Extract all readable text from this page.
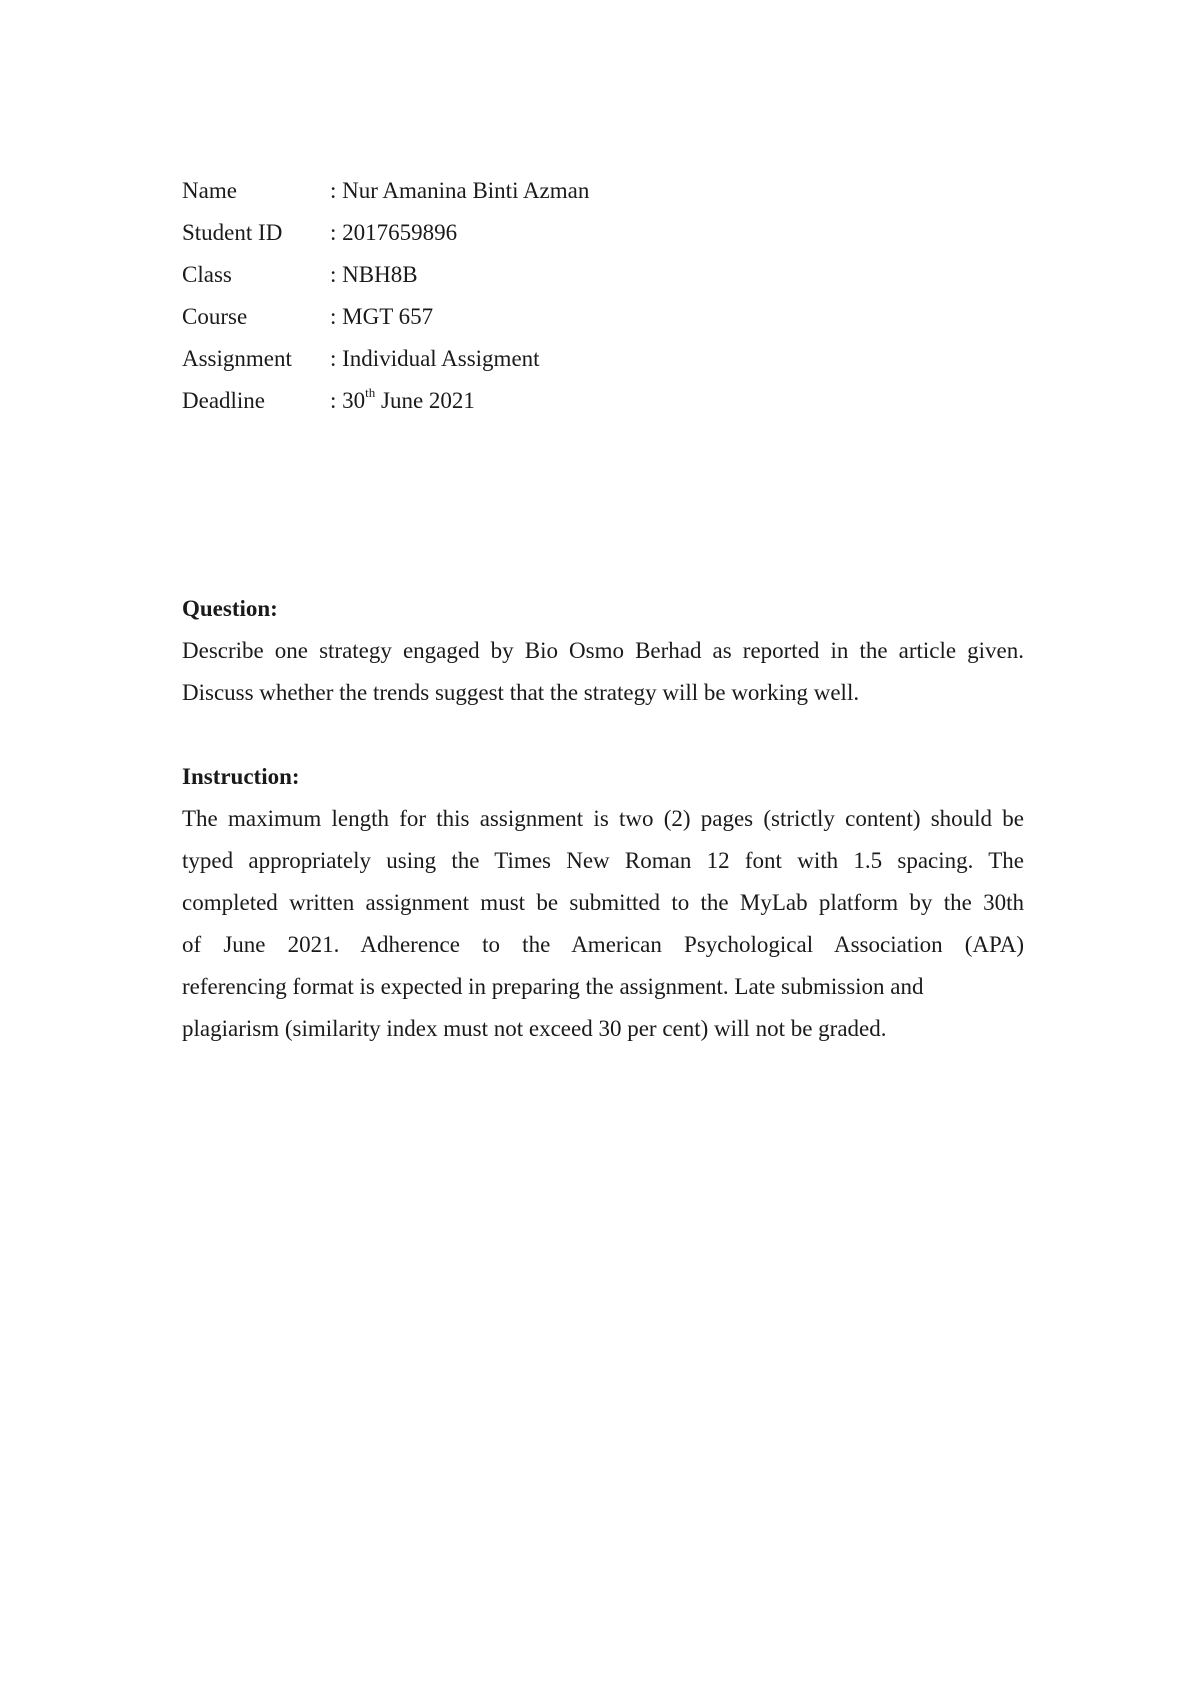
Name	: Nur Amanina Binti Azman
Student ID : 2017659896
Class	: NBH8B
Course	: MGT 657
Assignment : Individual Assigment
Deadline	: 30th June 2021
Question:
Describe one strategy engaged by Bio Osmo Berhad as reported in the article given.
Discuss whether the trends suggest that the strategy will be working well.
Instruction:
The maximum length for this assignment is two (2) pages (strictly content) should be
typed appropriately using the Times New Roman 12 font with 1.5 spacing. The
completed written assignment must be submitted to the MyLab platform by the 30th
of June 2021. Adherence to the American Psychological Association (APA)
referencing format is expected in preparing the assignment. Late submission and
plagiarism (similarity index must not exceed 30 per cent) will not be graded.
